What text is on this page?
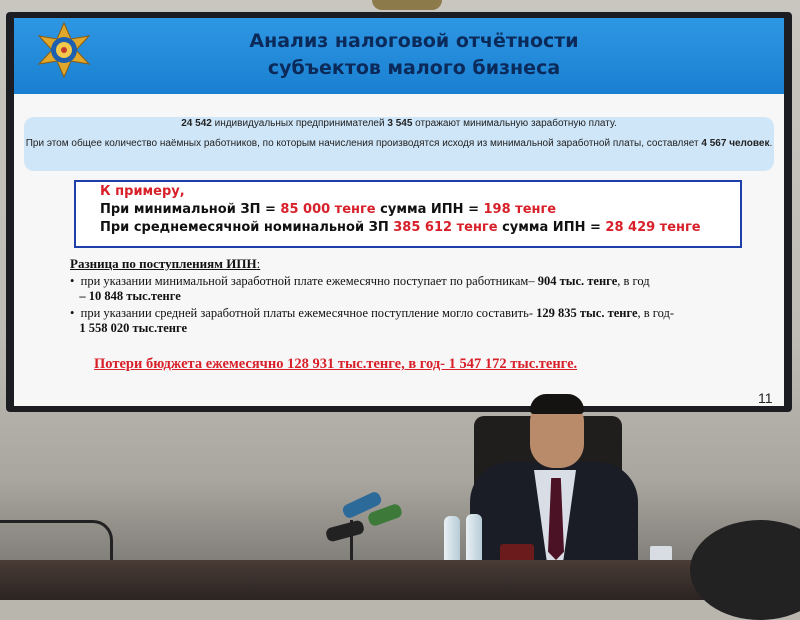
Анализ налоговой отчётности
субъектов малого бизнеса
24 542 индивидуальных предпринимателей 3 545 отражают минимальную заработную плату.
При этом общее количество наёмных работников, по которым начисления производятся исходя из минимальной заработной платы, составляет 4 567 человек.
К примеру,
При минимальной ЗП = 85 000 тенге сумма ИПН = 198 тенге
При среднемесячной номинальной ЗП 385 612 тенге сумма ИПН = 28 429 тенге
Разница по поступлениям ИПН:
•  при указании минимальной заработной плате ежемесячно поступает по работникам– 904 тыс. тенге, в год
– 10 848 тыс.тенге
•  при указании средней заработной платы ежемесячное поступление могло составить- 129 835 тыс. тенге, в год-
1 558 020 тыс.тенге
Потери бюджета ежемесячно 128 931 тыс.тенге, в год- 1 547 172 тыс.тенге.
11
